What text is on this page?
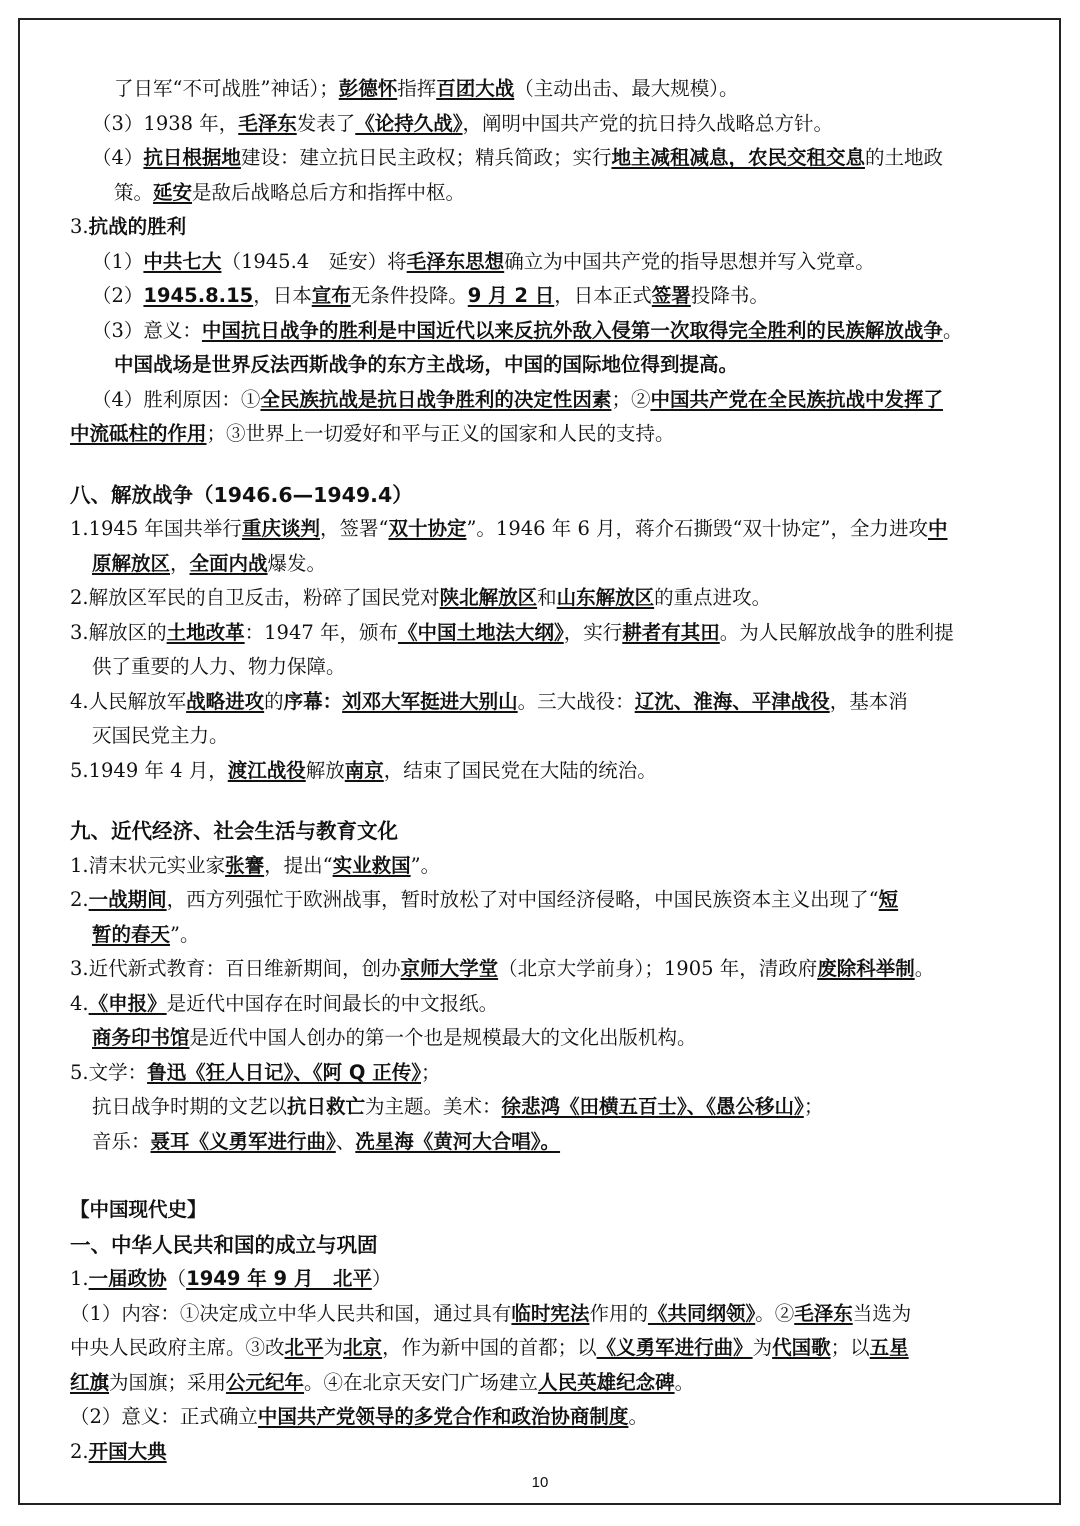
了日军“不可战胜”神话）；彭德怀指挥百团大战（主动出击、最大规模）。
（3）1938 年，毛泽东发表了《论持久战》，阐明中国共产党的抗日持久战略总方针。
（4）抗日根据地建设：建立抗日民主政权；精兵简政；实行地主减租减息，农民交租交息的土地政
策。延安是敌后战略总后方和指挥中枢。
3.抗战的胜利
（1）中共七大（1945.4　延安）将毛泽东思想确立为中国共产党的指导思想并写入党章。
（2）1945.8.15，日本宣布无条件投降。9 月 2 日，日本正式签署投降书。
（3）意义：中国抗日战争的胜利是中国近代以来反抗外敌入侵第一次取得完全胜利的民族解放战争。
中国战场是世界反法西斯战争的东方主战场，中国的国际地位得到提高。
（4）胜利原因：①全民族抗战是抗日战争胜利的决定性因素；②中国共产党在全民族抗战中发挥了
中流砥柱的作用；③世界上一切爱好和平与正义的国家和人民的支持。
八、解放战争（1946.6—1949.4）
1.1945 年国共举行重庆谈判，签署“双十协定”。1946 年 6 月，蒋介石撕毁“双十协定”，全力进攻中
原解放区，全面内战爆发。
2.解放区军民的自卫反击，粉碎了国民党对陕北解放区和山东解放区的重点进攻。
3.解放区的土地改革：1947 年，颁布《中国土地法大纲》，实行耕者有其田。为人民解放战争的胜利提
供了重要的人力、物力保障。
4.人民解放军战略进攻的序幕：刘邓大军挺进大别山。三大战役：辽沈、淮海、平津战役，基本消
灭国民党主力。
5.1949 年 4 月，渡江战役解放南京，结束了国民党在大陆的统治。
九、近代经济、社会生活与教育文化
1.清末状元实业家张謇，提出“实业救国”。
2.一战期间，西方列强忙于欧洲战事，暂时放松了对中国经济侵略，中国民族资本主义出现了“短
暂的春天”。
3.近代新式教育：百日维新期间，创办京师大学堂（北京大学前身）；1905 年，清政府废除科举制。
4.《申报》是近代中国存在时间最长的中文报纸。
商务印书馆是近代中国人创办的第一个也是规模最大的文化出版机构。
5.文学：鲁迅《狂人日记》、《阿 Q 正传》；
抗日战争时期的文艺以抗日救亡为主题。美术：徐悲鸿《田横五百士》、《愚公移山》；
音乐：聂耳《义勇军进行曲》、冼星海《黄河大合唱》。
【中国现代史】
一、中华人民共和国的成立与巩固
1.一届政协（1949 年 9 月　北平）
（1）内容：①决定成立中华人民共和国，通过具有临时宪法作用的《共同纲领》。②毛泽东当选为
中央人民政府主席。③改北平为北京，作为新中国的首都；以《义勇军进行曲》为代国歌；以五星
红旗为国旗；采用公元纪年。④在北京天安门广场建立人民英雄纪念碑。
（2）意义：正式确立中国共产党领导的多党合作和政治协商制度。
2.开国大典
10
